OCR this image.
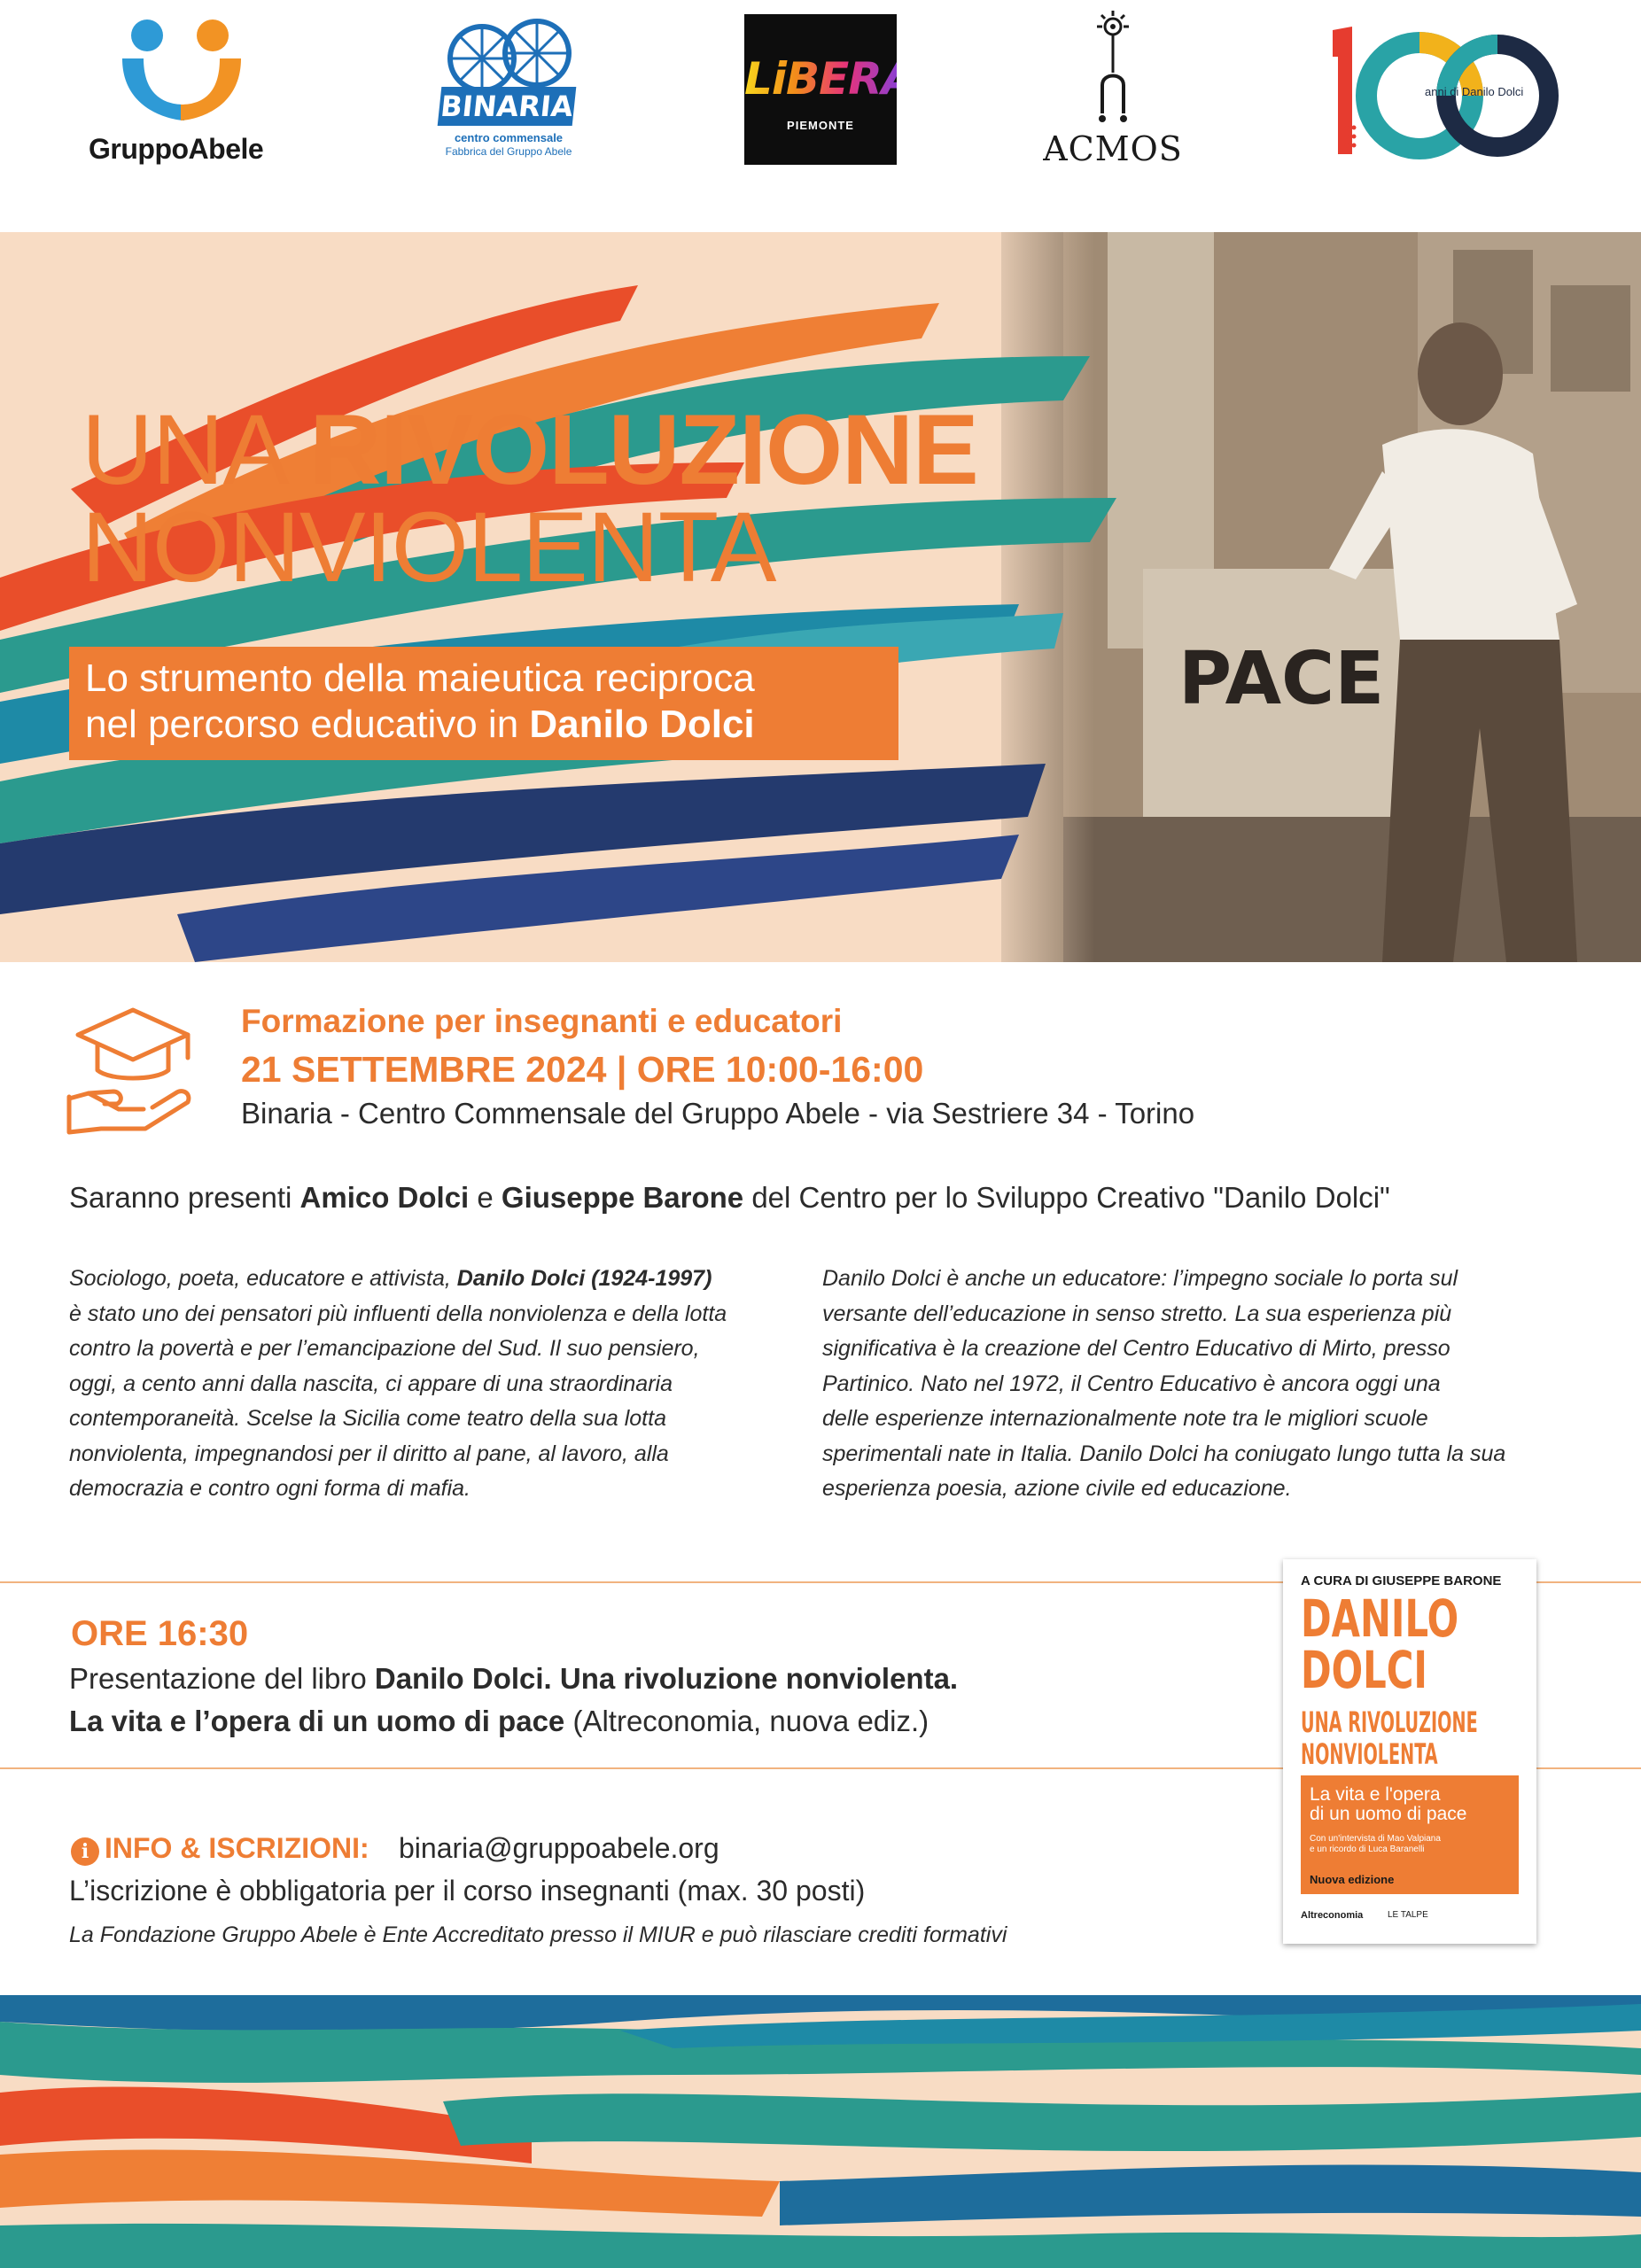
GruppoAbele
BINARIA
centro commensale
Fabbrica del Gruppo Abele
LiBERA
PIEMONTE
ACMOS
anni di Danilo Dolci
UNA RIVOLUZIONE
NONVIOLENTA
Lo strumento della maieutica reciproca
nel percorso educativo in Danilo Dolci
Formazione per insegnanti e educatori
21 SETTEMBRE 2024 | ORE 10:00-16:00
Binaria - Centro Commensale del Gruppo Abele - via Sestriere 34 - Torino
Saranno presenti Amico Dolci e Giuseppe Barone del Centro per lo Sviluppo Creativo "Danilo Dolci"
Sociologo, poeta, educatore e attivista, Danilo Dolci (1924-1997)
è stato uno dei pensatori più influenti della nonviolenza e della lotta
contro la povertà e per l’emancipazione del Sud. Il suo pensiero,
oggi, a cento anni dalla nascita, ci appare di una straordinaria
contemporaneità. Scelse la Sicilia come teatro della sua lotta
nonviolenta, impegnandosi per il diritto al pane, al lavoro, alla
democrazia e contro ogni forma di mafia.
Danilo Dolci è anche un educatore: l’impegno sociale lo porta sul
versante dell’educazione in senso stretto. La sua esperienza più
significativa è la creazione del Centro Educativo di Mirto, presso
Partinico. Nato nel 1972, il Centro Educativo è ancora oggi una
delle esperienze internazionalmente note tra le migliori scuole
sperimentali nate in Italia. Danilo Dolci ha coniugato lungo tutta la sua
esperienza poesia, azione civile ed educazione.
ORE 16:30
Presentazione del libro Danilo Dolci. Una rivoluzione nonviolenta.
La vita e l’opera di un uomo di pace (Altreconomia, nuova ediz.)
i INFO & ISCRIZIONI: binaria@gruppoabele.org
L’iscrizione è obbligatoria per il corso insegnanti (max. 30 posti)
La Fondazione Gruppo Abele è Ente Accreditato presso il MIUR e può rilasciare crediti formativi
A CURA DI GIUSEPPE BARONE
DANILO
DOLCI
UNA RIVOLUZIONE
NONVIOLENTA
La vita e l'opera
di un uomo di pace
Con un'intervista di Mao Valpiana
e un ricordo di Luca Baranelli
Nuova edizione
Altreconomia	LE TALPE
